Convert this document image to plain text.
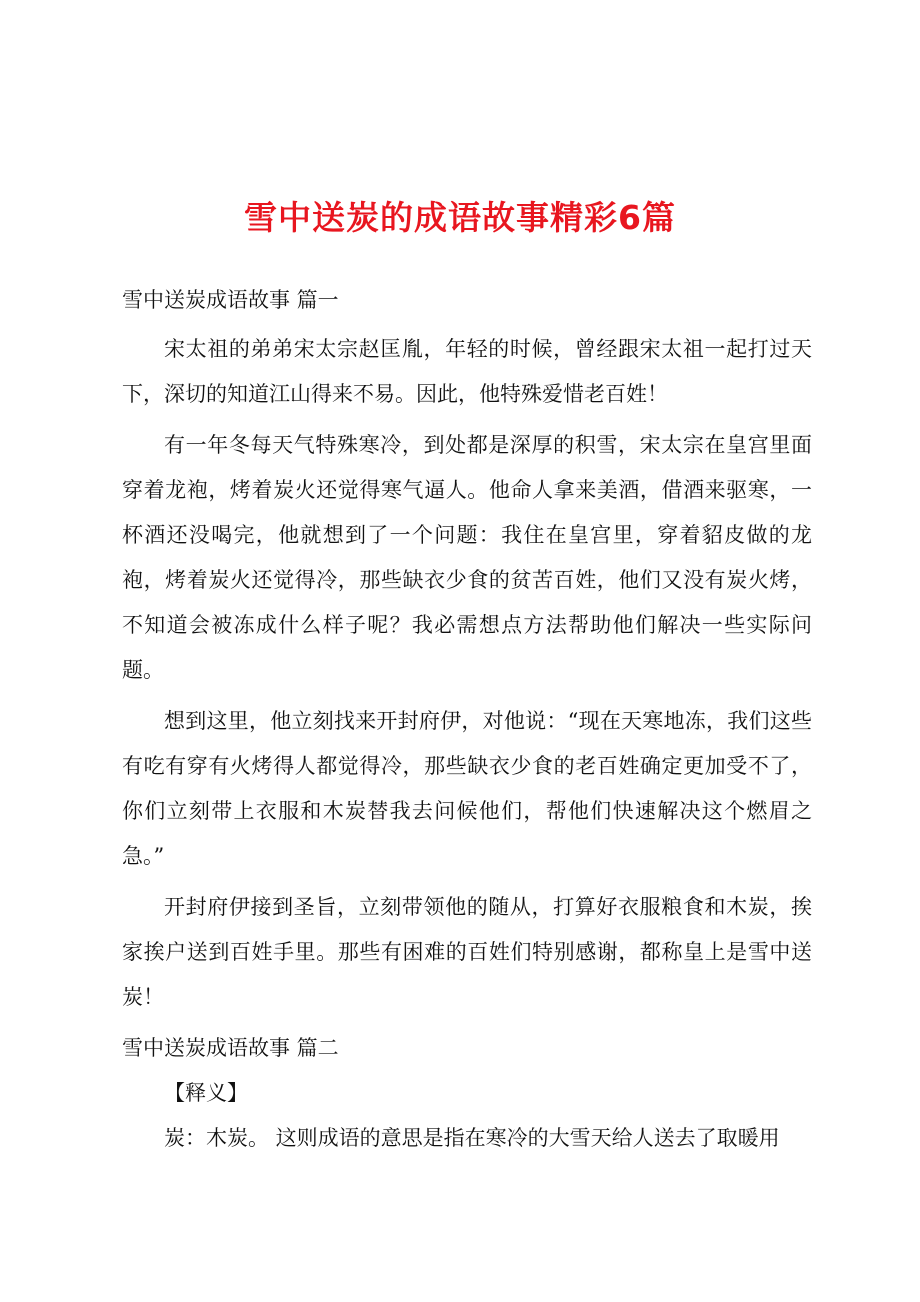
雪中送炭的成语故事精彩6篇

雪中送炭成语故事 篇一

宋太祖的弟弟宋太宗赵匡胤，年轻的时候，曾经跟宋太祖一起打过天下，深切的知道江山得来不易。因此，他特殊爱惜老百姓！

有一年冬每天气特殊寒冷，到处都是深厚的积雪，宋太宗在皇宫里面穿着龙袍，烤着炭火还觉得寒气逼人。他命人拿来美酒，借酒来驱寒，一杯酒还没喝完，他就想到了一个问题：我住在皇宫里，穿着貂皮做的龙袍，烤着炭火还觉得冷，那些缺衣少食的贫苦百姓，他们又没有炭火烤，不知道会被冻成什么样子呢？我必需想点方法帮助他们解决一些实际问题。

想到这里，他立刻找来开封府伊，对他说：“现在天寒地冻，我们这些有吃有穿有火烤得人都觉得冷，那些缺衣少食的老百姓确定更加受不了，你们立刻带上衣服和木炭替我去问候他们，帮他们快速解决这个燃眉之急。”

开封府伊接到圣旨，立刻带领他的随从，打算好衣服粮食和木炭，挨家挨户送到百姓手里。那些有困难的百姓们特别感谢，都称皇上是雪中送炭！

雪中送炭成语故事 篇二

【释义】

炭：木炭。 这则成语的意思是指在寒冷的大雪天给人送去了取暖用
